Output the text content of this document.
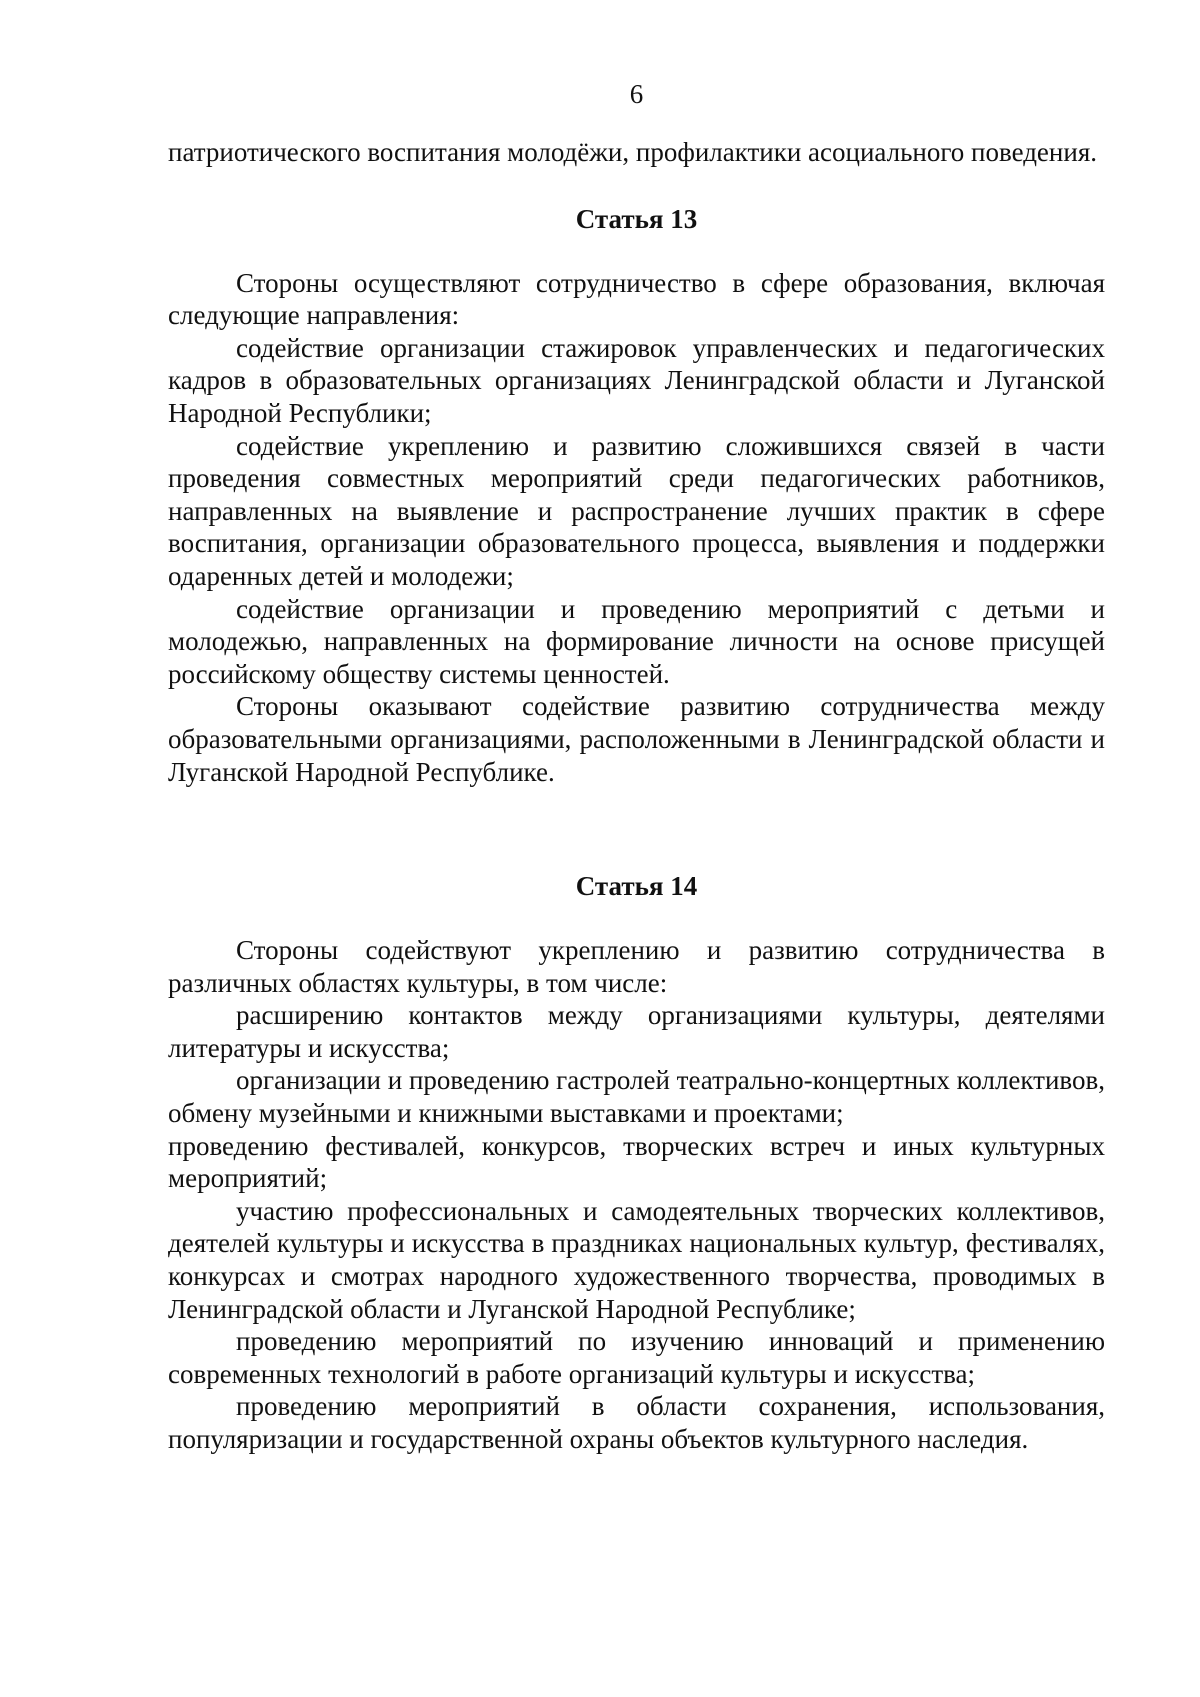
6

патриотического воспитания молодёжи, профилактики асоциального поведения.

Статья 13

Стороны осуществляют сотрудничество в сфере образования, включая следующие направления:

содействие организации стажировок управленческих и педагогических кадров в образовательных организациях Ленинградской области и Луганской Народной Республики;

содействие укреплению и развитию сложившихся связей в части проведения совместных мероприятий среди педагогических работников, направленных на выявление и распространение лучших практик в сфере воспитания, организации образовательного процесса, выявления и поддержки одаренных детей и молодежи;

содействие организации и проведению мероприятий с детьми и молодежью, направленных на формирование личности на основе присущей российскому обществу системы ценностей.

Стороны оказывают содействие развитию сотрудничества между образовательными организациями, расположенными в Ленинградской области и Луганской Народной Республике.

Статья 14

Стороны содействуют укреплению и развитию сотрудничества в различных областях культуры, в том числе:

расширению контактов между организациями культуры, деятелями литературы и искусства;

организации и проведению гастролей театрально-концертных коллективов, обмену музейными и книжными выставками и проектами;

проведению фестивалей, конкурсов, творческих встреч и иных культурных мероприятий;

участию профессиональных и самодеятельных творческих коллективов, деятелей культуры и искусства в праздниках национальных культур, фестивалях, конкурсах и смотрах народного художественного творчества, проводимых в Ленинградской области и Луганской Народной Республике;

проведению мероприятий по изучению инноваций и применению современных технологий в работе организаций культуры и искусства;

проведению мероприятий в области сохранения, использования, популяризации и государственной охраны объектов культурного наследия.
